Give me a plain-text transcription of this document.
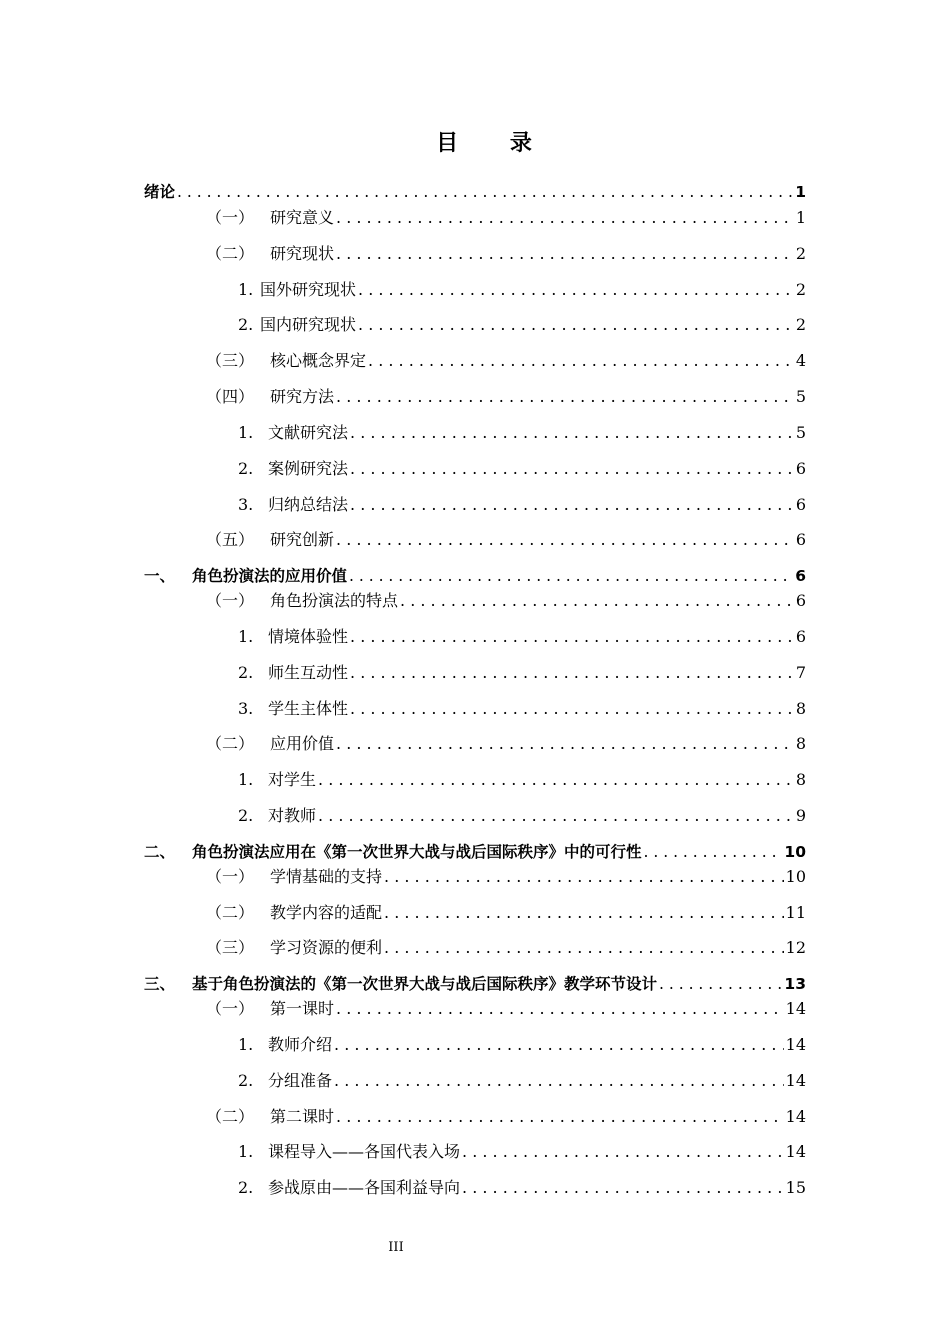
目 录
绪论 . . .	1
（一） 研究意义 . . .	1
（二） 研究现状 . . .	2
1. 国外研究现状 . . .	2
2. 国内研究现状 . . .	2
（三） 核心概念界定 . . .	4
（四） 研究方法 . . .	5
1. 文献研究法 . . .	5
2. 案例研究法 . . .	6
3. 归纳总结法 . . .	6
（五） 研究创新 . . .	6
一、	角色扮演法的应用价值 . . .	6
（一） 角色扮演法的特点 . . .	6
1. 情境体验性 . . .	6
2. 师生互动性 . . .	7
3. 学生主体性 . . .	8
（二） 应用价值 . . .	8
1. 对学生 . . .	8
2. 对教师 . . .	9
二、	角色扮演法应用在《第一次世界大战与战后国际秩序》中的可行性 . . .	10
（一） 学情基础的支持 . . .	10
（二） 教学内容的适配 . . .	11
（三） 学习资源的便利 . . .	12
三、	基于角色扮演法的《第一次世界大战与战后国际秩序》教学环节设计 . . .	13
（一） 第一课时 . . .	14
1. 教师介绍 . . .	14
2. 分组准备 . . .	14
（二） 第二课时 . . .	14
1. 课程导入——各国代表入场 . . .	14
2. 参战原由——各国利益导向 . . .	15
III
